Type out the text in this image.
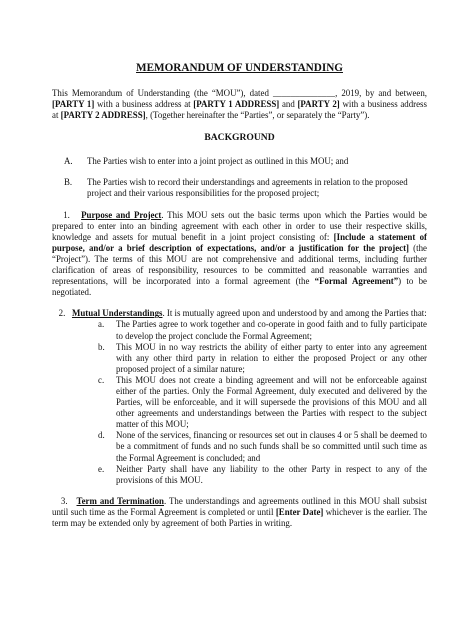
MEMORANDUM OF UNDERSTANDING

This Memorandum of Understanding (the “MOU”), dated ______________, 2019, by and between, [PARTY 1] with a business address at [PARTY 1 ADDRESS] and [PARTY 2] with a business address at [PARTY 2 ADDRESS], (Together hereinafter the “Parties”, or separately the “Party”).

BACKGROUND

A.	The Parties wish to enter into a joint project as outlined in this MOU; and
B.	The Parties wish to record their understandings and agreements in relation to the proposed project and their various responsibilities for the proposed project;

1. Purpose and Project. This MOU sets out the basic terms upon which the Parties would be prepared to enter into an binding agreement with each other in order to use their respective skills, knowledge and assets for mutual benefit in a joint project consisting of: [Include a statement of purpose, and/or a brief description of expectations, and/or a justification for the project] (the “Project”). The terms of this MOU are not comprehensive and additional terms, including further clarification of areas of responsibility, resources to be committed and reasonable warranties and representations, will be incorporated into a formal agreement (the “Formal Agreement”) to be negotiated.

2. Mutual Understandings. It is mutually agreed upon and understood by and among the Parties that:

a.	The Parties agree to work together and co-operate in good faith and to fully participate to develop the project conclude the Formal Agreement;
b.	This MOU in no way restricts the ability of either party to enter into any agreement with any other third party in relation to either the proposed Project or any other proposed project of a similar nature;
c.	This MOU does not create a binding agreement and will not be enforceable against either of the parties. Only the Formal Agreement, duly executed and delivered by the Parties, will be enforceable, and it will supersede the provisions of this MOU and all other agreements and understandings between the Parties with respect to the subject matter of this MOU;
d.	None of the services, financing or resources set out in clauses 4 or 5 shall be deemed to be a commitment of funds and no such funds shall be so committed until such time as the Formal Agreement is concluded; and
e.	Neither Party shall have any liability to the other Party in respect to any of the provisions of this MOU.

3. Term and Termination. The understandings and agreements outlined in this MOU shall subsist until such time as the Formal Agreement is completed or until [Enter Date] whichever is the earlier. The term may be extended only by agreement of both Parties in writing.
